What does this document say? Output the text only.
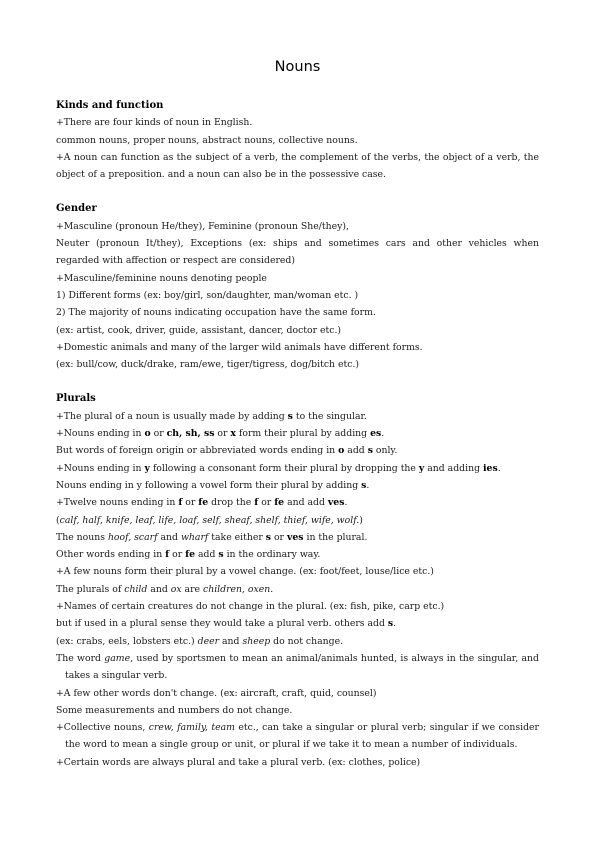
Nouns
Kinds and function

+There are four kinds of noun in English.

common nouns, proper nouns, abstract nouns, collective nouns.

+A noun can function as the subject of a verb, the complement of the verbs, the object of a verb, the object of a preposition. and a noun can also be in the possessive case.

Gender

+Masculine (pronoun He/they), Feminine (pronoun She/they),

Neuter (pronoun It/they), Exceptions (ex: ships and sometimes cars and other vehicles when regarded with affection or respect are considered)

+Masculine/feminine nouns denoting people

1) Different forms (ex: boy/girl, son/daughter, man/woman etc. )

2) The majority of nouns indicating occupation have the same form.

(ex: artist, cook, driver, guide, assistant, dancer, doctor etc.)

+Domestic animals and many of the larger wild animals have different forms.

(ex: bull/cow, duck/drake, ram/ewe, tiger/tigress, dog/bitch etc.)

Plurals

+The plural of a noun is usually made by adding s to the singular.

+Nouns ending in o or ch, sh, ss or x form their plural by adding es.

But words of foreign origin or abbreviated words ending in o add s only.

+Nouns ending in y following a consonant form their plural by dropping the y and adding ies.

Nouns ending in y following a vowel form their plural by adding s.

+Twelve nouns ending in f or fe drop the f or fe and add ves.

(calf, half, knife, leaf, life, loaf, self, sheaf, shelf, thief, wife, wolf.)

The nouns hoof, scarf and wharf take either s or ves in the plural.

Other words ending in f or fe add s in the ordinary way.

+A few nouns form their plural by a vowel change. (ex: foot/feet, louse/lice etc.)

The plurals of child and ox are children, oxen.

+Names of certain creatures do not change in the plural. (ex: fish, pike, carp etc.)

but if used in a plural sense they would take a plural verb. others add s.

(ex: crabs, eels, lobsters etc.) deer and sheep do not change.

The word game, used by sportsmen to mean an animal/animals hunted, is always in the singular, and takes a singular verb.

+A few other words don't change. (ex: aircraft, craft, quid, counsel)

Some measurements and numbers do not change.

+Collective nouns, crew, family, team etc., can take a singular or plural verb; singular if we consider the word to mean a single group or unit, or plural if we take it to mean a number of individuals.

+Certain words are always plural and take a plural verb. (ex: clothes, police)
